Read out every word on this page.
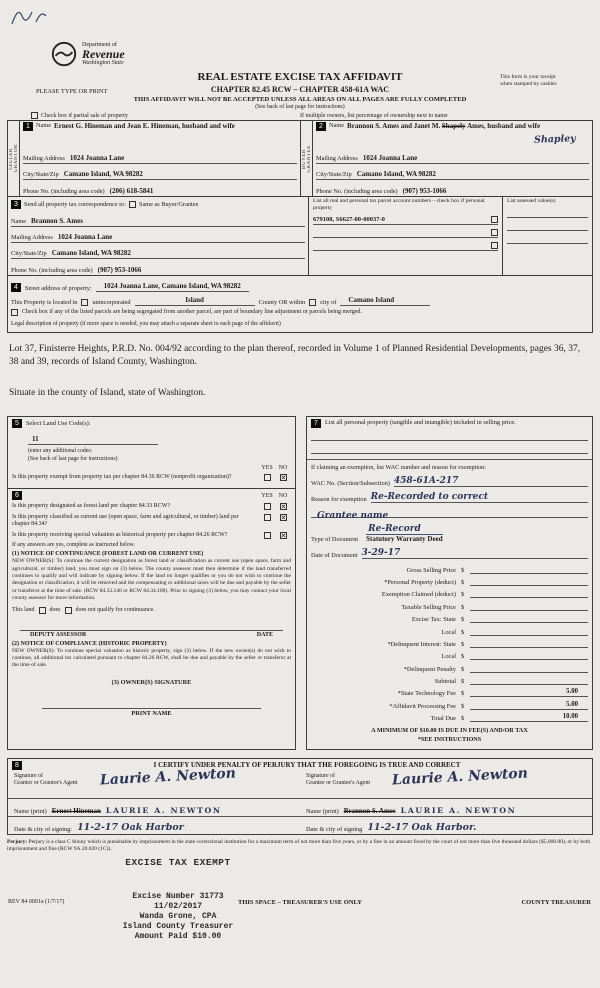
Department of
Revenue
Washington State
REAL ESTATE EXCISE TAX AFFIDAVIT
PLEASE TYPE OR PRINT	CHAPTER 82.45 RCW – CHAPTER 458-61A WAC
This form is your receipt
when stamped by cashier.
THIS AFFIDAVIT WILL NOT BE ACCEPTED UNLESS ALL AREAS ON ALL PAGES ARE FULLY COMPLETED
(See back of last page for instructions)
Check box if partial sale of property	If multiple owners, list percentage of ownership next to name
SELLER GRANTOR
1 Name Ernest G. Hineman and Jean E. Hineman, husband and wife
Mailing Address 1024 Joanna Lane
City/State/Zip Camano Island, WA 98282
Phone No. (including area code) (206) 618-5841
BUYER GRANTEE
2 Name Brannon S. Ames and Janet M. Shapely Ames, husband and wife
Shapley
Mailing Address 1024 Joanna Lane
City/State/Zip Camano Island, WA 98282
Phone No. (including area code) (907) 953-1066
3 Send all property tax correspondence to: Same as Buyer/Grantee
Name Brannon S. Ames
Mailing Address 1024 Joanna Lane
City/State/Zip Camano Island, WA 98282
Phone No. (including area code) (907) 953-1066
List all real and personal tax parcel account numbers – check box if personal property
679108, S6627-00-00037-0
List assessed value(s)
4	Street address of property:	1024 Joanna Lane, Camano Island, WA 98282
This Property is located in unincorporated	Island	County OR within city of	Camano Island
Check box if any of the listed parcels are being segregated from another parcel, are part of boundary line adjustment or parcels being merged.
Legal description of property (if more space is needed, you may attach a separate sheet to each page of the affidavit)
Lot 37, Finisterre Heights, P.R.D. No. 004/92 according to the plan thereof, recorded in Volume 1 of Planned Residential Developments, pages 36, 37, 38 and 39, records of Island County, Washington.
Situate in the county of Island, state of Washington.
5	Select Land Use Code(s):
11
(enter any additional codes:
(See back of last page for instructions)
YES NO
Is this property exempt from property tax per chapter 84.36 RCW (nonprofit organization)?	✕
6	YES NO
Is this property designated as forest land per chapter 84.33 RCW?	✕
Is this property classified as current use (open space, farm and agricultural, or timber) land per chapter 84.34?
✕
Is this property receiving special valuation as historical property per chapter 84.26 RCW?	✕
If any answers are yes, complete as instructed below.
(1) NOTICE OF CONTINUANCE (FOREST LAND OR CURRENT USE)
NEW OWNER(S): To continue the current designation as forest land or classification as current use (open space, farm and agricultural, or timber) land, you must sign on (3) below. The county assessor must then determine if the land transferred continues to qualify and will indicate by signing below. If the land no longer qualifies or you do not wish to continue the designation or classification, it will be removed and the compensating or additional taxes will be due and payable by the seller or transferor at the time of sale. (RCW 84.33.140 or RCW 84.34.108). Prior to signing (3) below, you may contact your local county assessor for more information.
This land	does	does not qualify for continuance.
DEPUTY ASSESSOR	DATE
(2) NOTICE OF COMPLIANCE (HISTORIC PROPERTY)
NEW OWNER(S): To continue special valuation as historic property, sign (3) below. If the new owner(s) do not wish to continue, all additional tax calculated pursuant to chapter 84.26 RCW, shall be due and payable by the seller or transferor at the time of sale.
(3) OWNER(S) SIGNATURE
PRINT NAME
7	List all personal property (tangible and intangible) included in selling price.
If claiming an exemption, list WAC number and reason for exemption:
WAC No. (Section/Subsection) 458-61A-217
Reason for exemption Re-Recorded to correct
Grantee name
Type of Document
Re-Record
Statutory Warranty Deed
Date of Document 3-29-17
Gross Selling Price $
*Personal Property (deduct) $
Exemption Claimed (deduct) $
Taxable Selling Price $
Excise Tax: State $
Local $
*Delinquent Interest: State $
Local $
*Delinquent Penalty $
Subtotal $
*State Technology Fee $	5.00
*Affidavit Processing Fee $	5.00
Total Due $	10.00
A MINIMUM OF $10.00 IS DUE IN FEE(S) AND/OR TAX
*SEE INSTRUCTIONS
8	I CERTIFY UNDER PENALTY OF PERJURY THAT THE FOREGOING IS TRUE AND CORRECT
Signature of
Grantor or Grantor's Agent	Laurie A. Newton	Signature of
Grantee or Grantee's Agent	Laurie A. Newton
Name (print) Ernest Hineman LAURIE A. NEWTON	Name (print) Brannon S. Ames LAURIE A. NEWTON
Date & city of signing: 11-2-17 Oak Harbor	Date & city of signing 11-2-17 Oak Harbor.
Perjury: Perjury is a class C felony which is punishable by imprisonment in the state correctional institution for a maximum term of not more than five years, or by a fine in an amount fixed by the court of not more than five thousand dollars ($5,000.00), or by both imprisonment and fine (RCW 9A.20.020 (1C)).
EXCISE TAX EXEMPT
Excise Number 31773
11/02/2017
Wanda Grone, CPA
Island County Treasurer
Amount Paid $10.00
REV 84 0001a (1/7/17)	THIS SPACE – TREASURER'S USE ONLY	COUNTY TREASURER
